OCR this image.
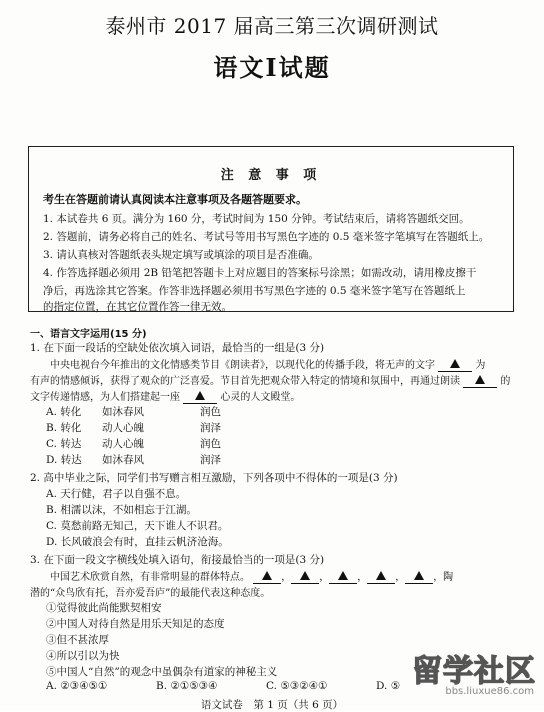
泰州市 2017 届高三第三次调研测试
语文Ⅰ试题
注 意 事 项
考生在答题前请认真阅读本注意事项及各题答题要求。
1. 本试卷共 6 页。满分为 160 分，考试时间为 150 分钟。考试结束后，请将答题纸交回。
2. 答题前，请务必将自己的姓名、考试号等用书写黑色字迹的 0.5 毫米签字笔填写在答题纸上。
3. 请认真核对答题纸表头规定填写或填涂的项目是否准确。
4. 作答选择题必须用 2B 铅笔把答题卡上对应题目的答案标号涂黑；如需改动，请用橡皮擦干
净后，再选涂其它答案。作答非选择题必须用书写黑色字迹的 0.5 毫米签字笔写在答题纸上
的指定位置，在其它位置作答一律无效。
一、语言文字运用(15 分)
1. 在下面一段话的空缺处依次填入词语，最恰当的一组是(3 分)
中央电视台今年推出的文化情感类节目《朗读者》，以现代化的传播手段，将无声的文字	为
有声的情感倾诉，获得了观众的广泛喜爱。节目首先把观众带入特定的情境和氛围中，再通过朗读	的
文字传递情感，为人们搭建起一座	心灵的人文殿堂。
A. 转化 如沐春风	润色
B. 转化 动人心魄	润泽
C. 转达 动人心魄	润色
D. 转达 如沐春风	润泽
2. 高中毕业之际，同学们书写赠言相互激励，下列各项中不得体的一项是(3 分)
A. 天行健，君子以自强不息。
B. 相濡以沫，不如相忘于江湖。
C. 莫愁前路无知己，天下谁人不识君。
D. 长风破浪会有时，直挂云帆济沧海。
3. 在下面一段文字横线处填入语句，衔接最恰当的一项是(3 分)
中国艺术欣赏自然，有非常明显的群体特点。	，	，	，	，	，陶
潜的“众鸟欣有托，吾亦爱吾庐”的最能代表这种态度。
①觉得彼此尚能默契相安
②中国人对待自然是用乐天知足的态度
③但不甚浓厚
④所以引以为快
⑤中国人“自然”的观念中虽偶杂有道家的神秘主义
A. ②③④⑤①	B. ②①⑤③④	C. ⑤③②④①	D. ⑤
语文试卷　第 1 页（共 6 页）
留学社区
bbs.liuxue86.com
